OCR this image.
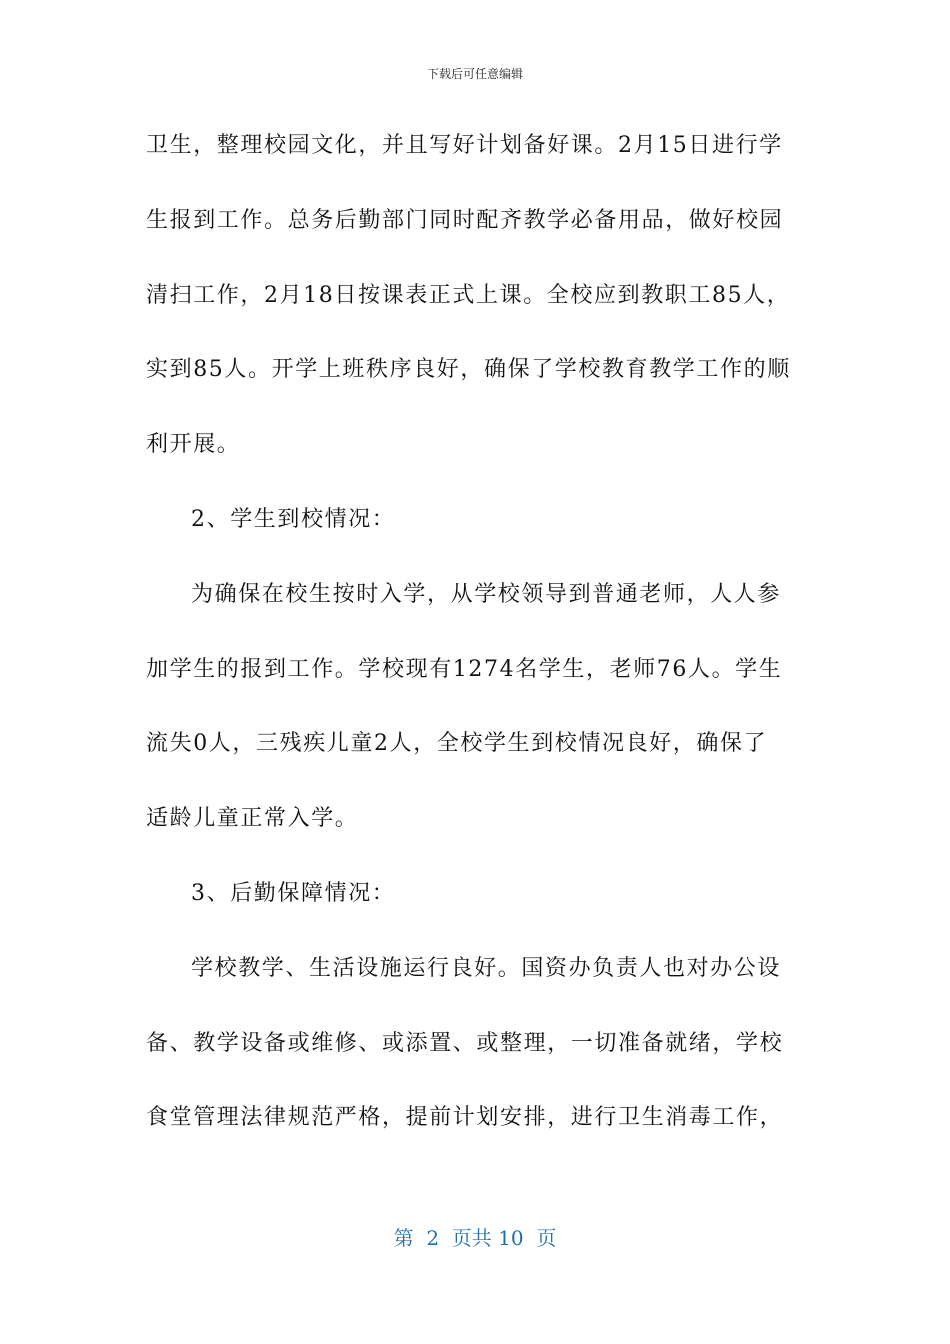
下载后可任意编辑
卫生，整理校园文化，并且写好计划备好课。2月15日进行学
生报到工作。总务后勤部门同时配齐教学必备用品，做好校园
清扫工作，2月18日按课表正式上课。全校应到教职工85人，
实到85人。开学上班秩序良好，确保了学校教育教学工作的顺
利开展。
2、学生到校情况：
为确保在校生按时入学，从学校领导到普通老师，人人参
加学生的报到工作。学校现有1274名学生，老师76人。学生
流失0人，三残疾儿童2人，全校学生到校情况良好，确保了
适龄儿童正常入学。
3、后勤保障情况：
学校教学、生活设施运行良好。国资办负责人也对办公设
备、教学设备或维修、或添置、或整理，一切准备就绪，学校
食堂管理法律规范严格，提前计划安排，进行卫生消毒工作，
第  2  页共 10  页
